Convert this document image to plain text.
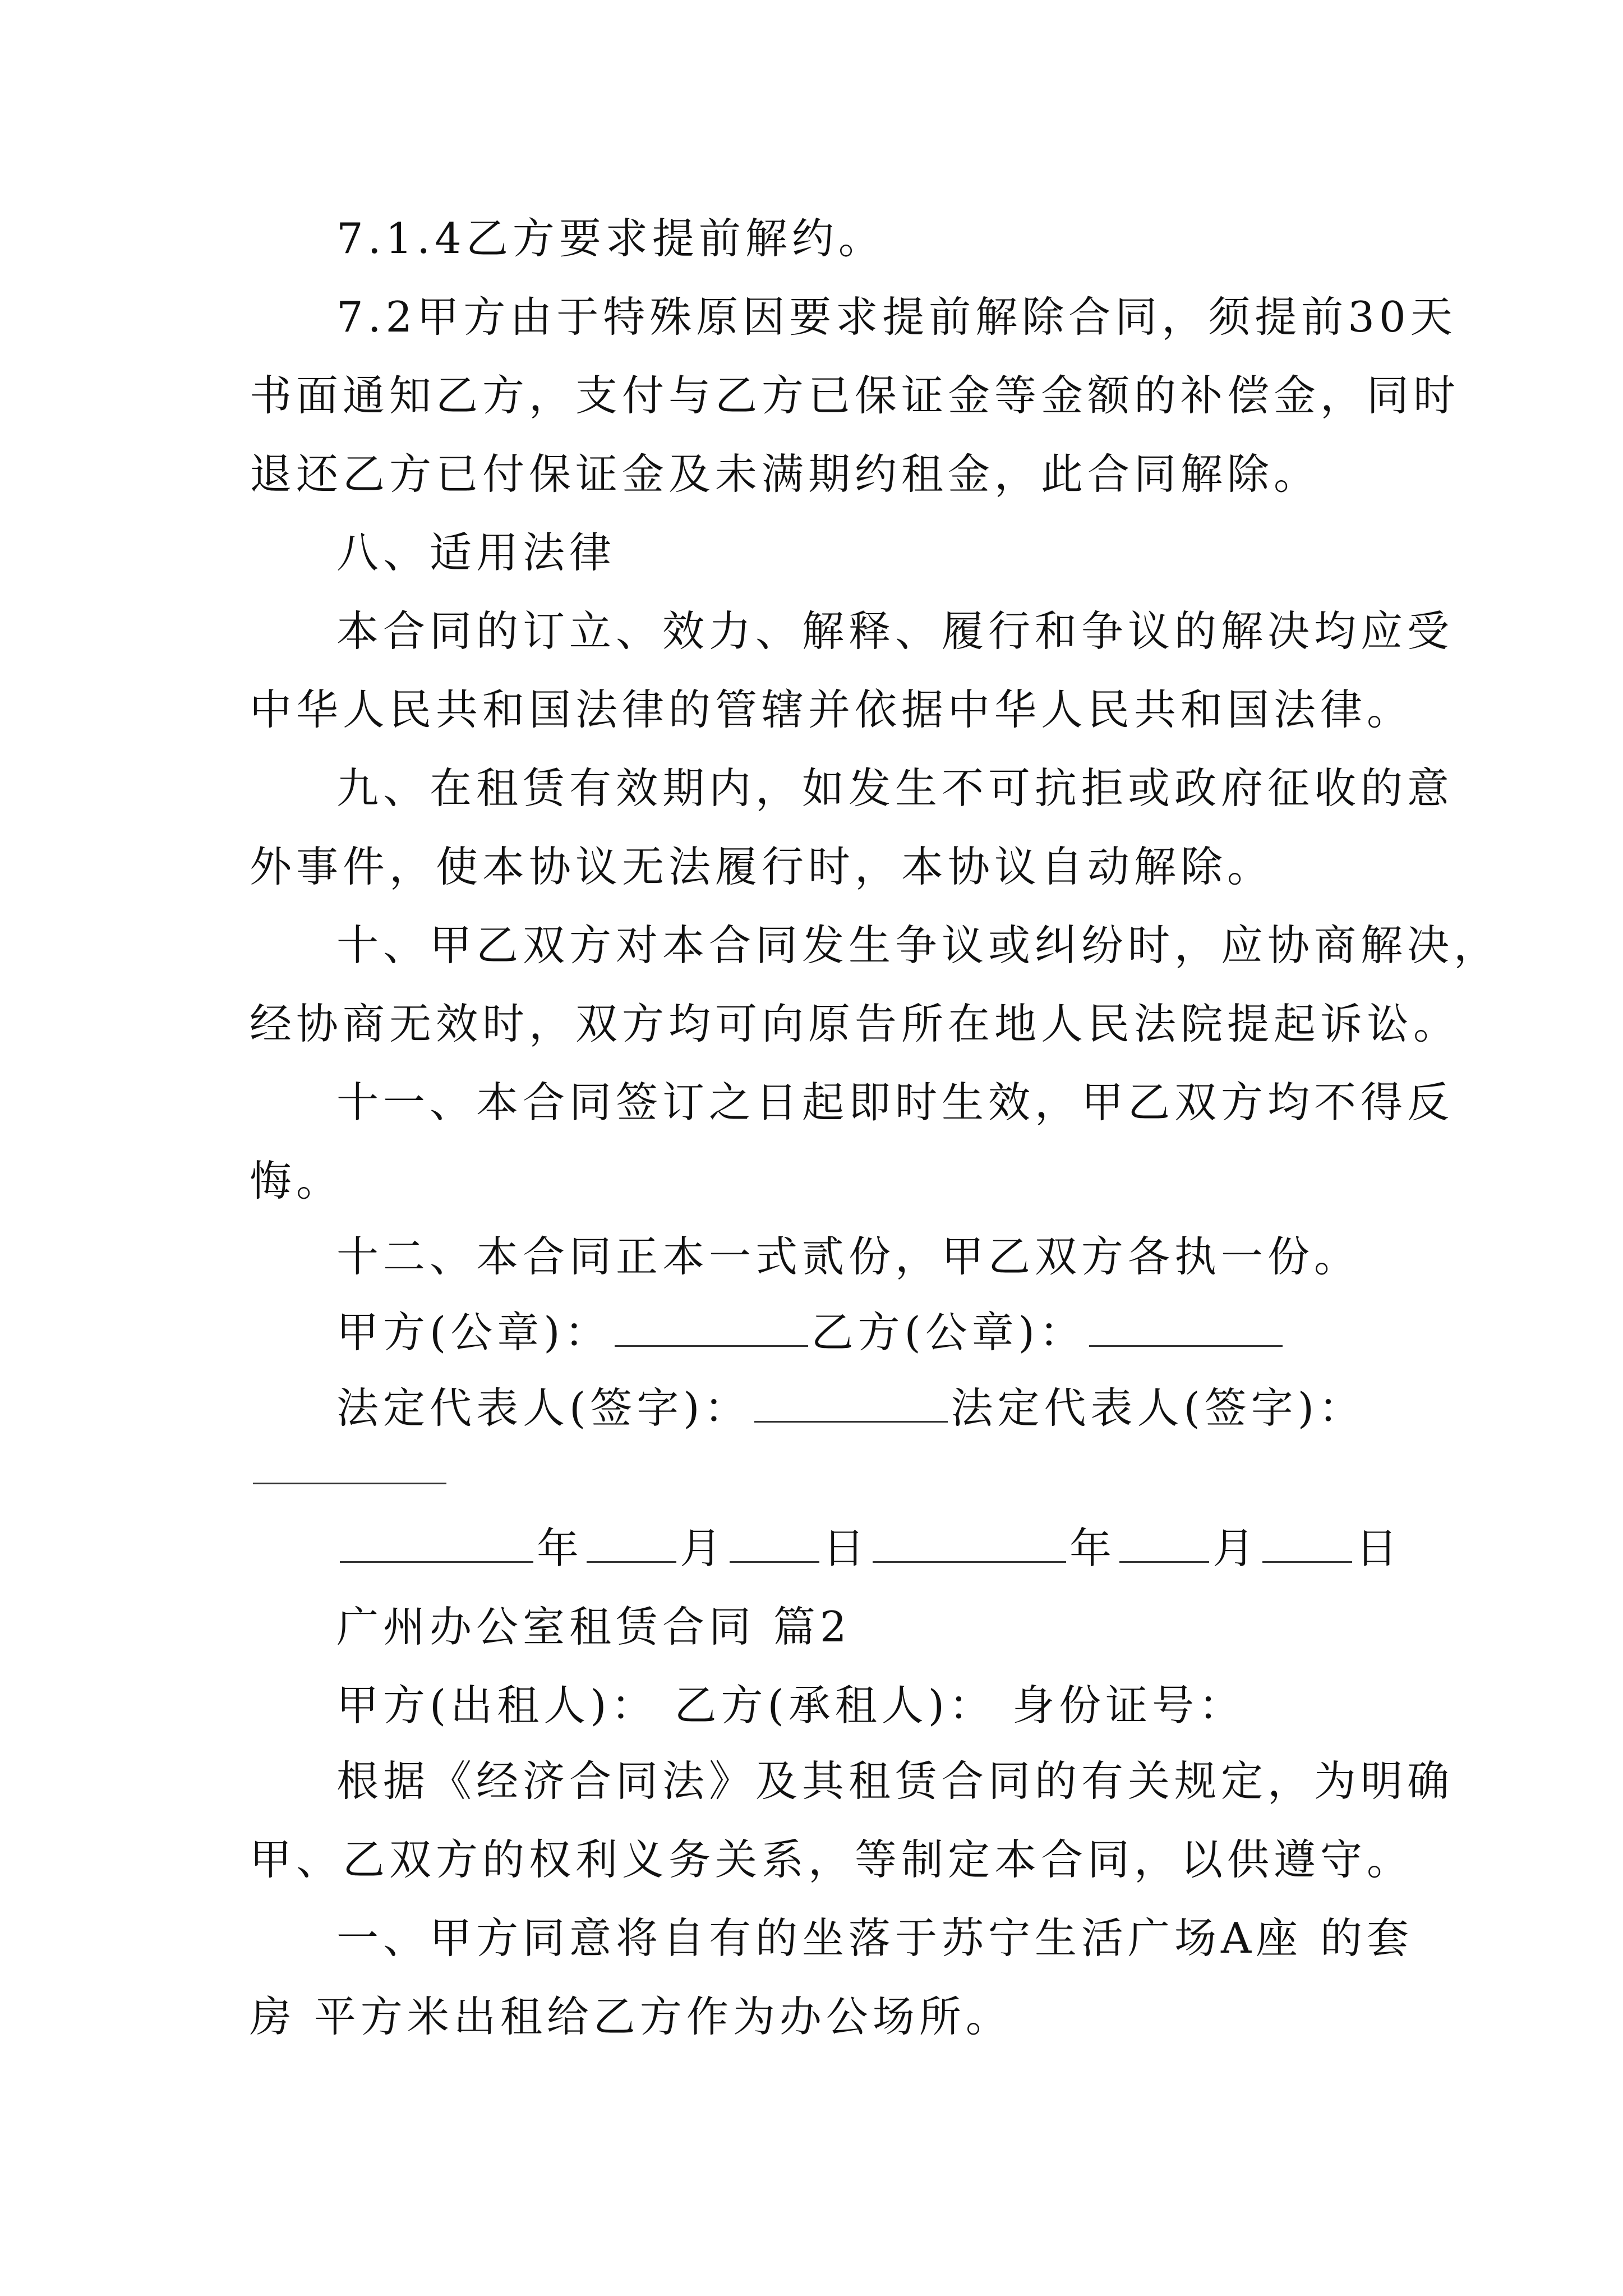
7.1.4乙方要求提前解约。
7.2甲方由于特殊原因要求提前解除合同，须提前30天
书面通知乙方，支付与乙方已保证金等金额的补偿金，同时
退还乙方已付保证金及未满期约租金，此合同解除。
八、适用法律
本合同的订立、效力、解释、履行和争议的解决均应受
中华人民共和国法律的管辖并依据中华人民共和国法律。
九、在租赁有效期内，如发生不可抗拒或政府征收的意
外事件，使本协议无法履行时，本协议自动解除。
十、甲乙双方对本合同发生争议或纠纷时，应协商解决，
经协商无效时，双方均可向原告所在地人民法院提起诉讼。
十一、本合同签订之日起即时生效，甲乙双方均不得反
悔。
十二、本合同正本一式贰份，甲乙双方各执一份。
甲方(公章)：	乙方(公章)：
法定代表人(签字)：	法定代表人(签字)：
年 月 日	年 月 日
广州办公室租赁合同 篇2
甲方(出租人)： 乙方(承租人)： 身份证号：
根据《经济合同法》及其租赁合同的有关规定，为明确
甲、乙双方的权利义务关系，等制定本合同，以供遵守。
一、甲方同意将自有的坐落于苏宁生活广场A座 的套
房 平方米出租给乙方作为办公场所。
